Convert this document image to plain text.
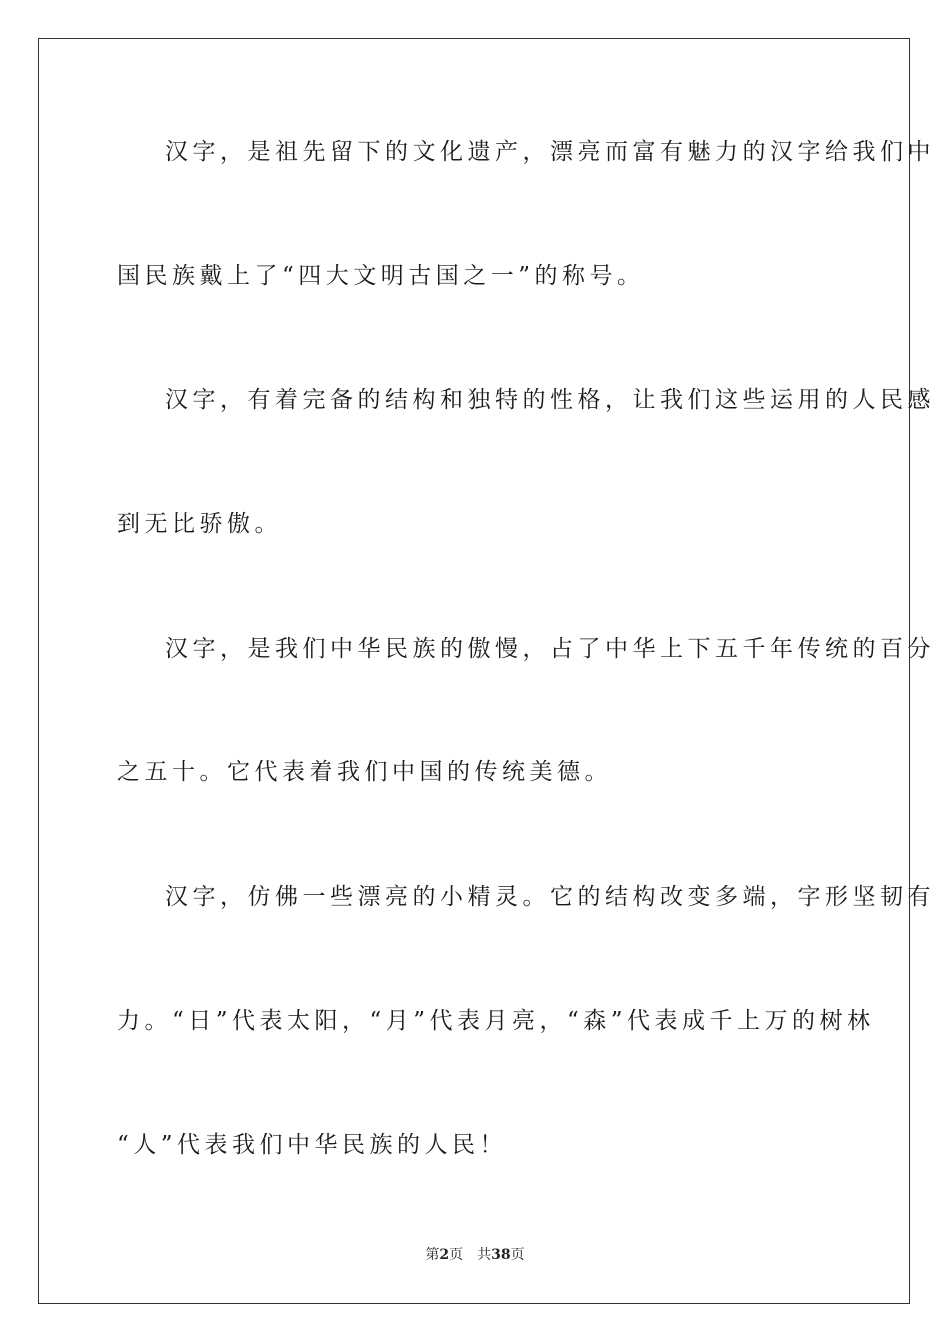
汉字，是祖先留下的文化遗产，漂亮而富有魅力的汉字给我们中
国民族戴上了“四大文明古国之一”的称号。
汉字，有着完备的结构和独特的性格，让我们这些运用的人民感
到无比骄傲。
汉字，是我们中华民族的傲慢，占了中华上下五千年传统的百分
之五十。它代表着我们中国的传统美德。
汉字，仿佛一些漂亮的小精灵。它的结构改变多端，字形坚韧有
力。“日”代表太阳，“月”代表月亮，“森”代表成千上万的树林
“人”代表我们中华民族的人民！
第2页 共38页
